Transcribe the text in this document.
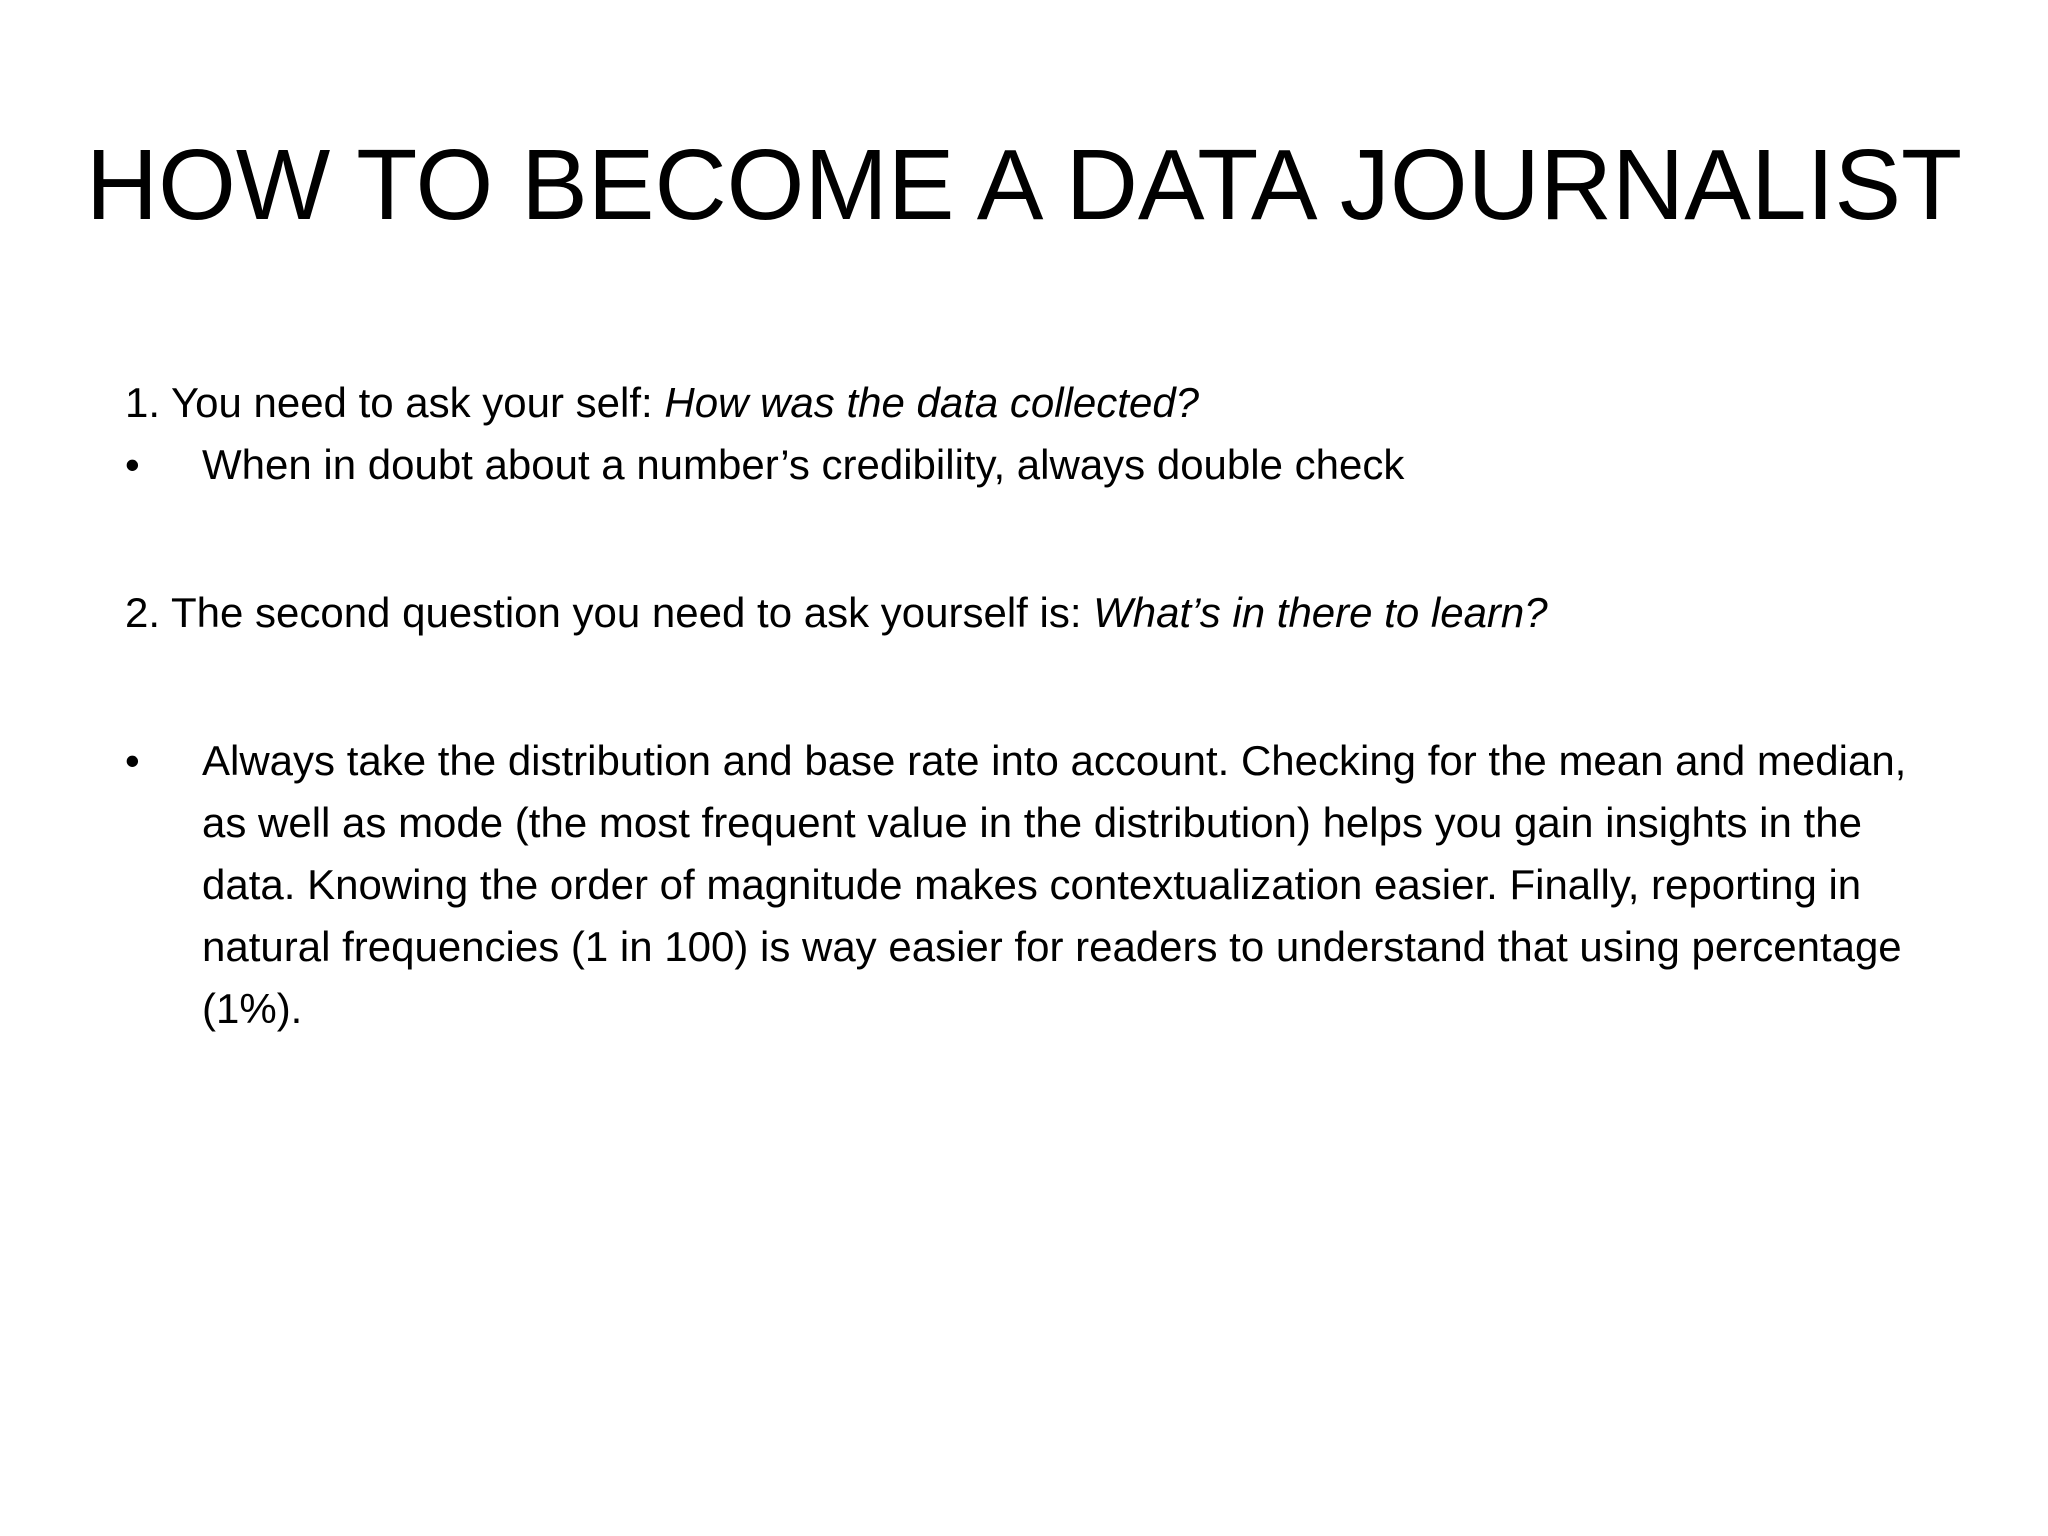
HOW TO BECOME A DATA JOURNALIST

1. You need to ask your self: How was the data collected?

•	When in doubt about a number’s credibility, always double check

2. The second question you need to ask yourself is: What’s in there to learn?

•	Always take the distribution and base rate into account. Checking for the mean and median, as well as mode (the most frequent value in the distribution) helps you gain insights in the data. Knowing the order of magnitude makes contextualization easier. Finally, reporting in natural frequencies (1 in 100) is way easier for readers to understand that using percentage (1%).
